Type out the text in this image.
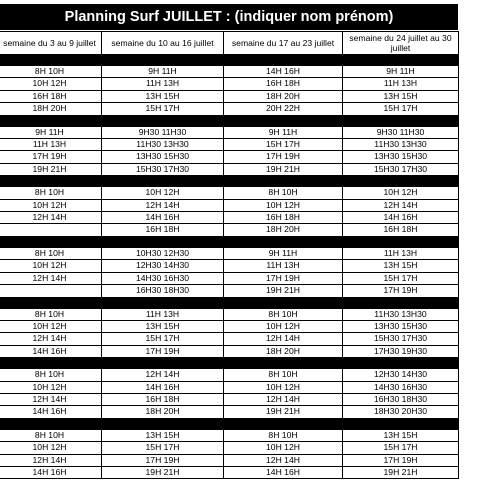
Planning Surf JUILLET : (indiquer nom prénom)
semaine du 3 au 9 juillet	semaine du 10 au 16 juillet	semaine du 17 au 23 juillet	semaine du 24 juillet au 30 juillet

8H 10H	9H 11H	14H 16H	9H 11H
10H 12H	11H 13H	16H 18H	11H 13H
16H 18H	13H 15H	18H 20H	13H 15H
18H 20H	15H 17H	20H 22H	15H 17H

9H 11H	9H30 11H30	9H 11H	9H30 11H30
11H 13H	11H30 13H30	15H 17H	11H30 13H30
17H 19H	13H30 15H30	17H 19H	13H30 15H30
19H 21H	15H30 17H30	19H 21H	15H30 17H30

8H 10H	10H 12H	8H 10H	10H 12H
10H 12H	12H 14H	10H 12H	12H 14H
12H 14H	14H 16H	16H 18H	14H 16H
	16H 18H	18H 20H	16H 18H

8H 10H	10H30 12H30	9H 11H	11H 13H
10H 12H	12H30 14H30	11H 13H	13H 15H
12H 14H	14H30 16H30	17H 19H	15H 17H
	16H30 18H30	19H 21H	17H 19H

8H 10H	11H 13H	8H 10H	11H30 13H30
10H 12H	13H 15H	10H 12H	13H30 15H30
12H 14H	15H 17H	12H 14H	15H30 17H30
14H 16H	17H 19H	18H 20H	17H30 19H30

8H 10H	12H 14H	8H 10H	12H30 14H30
10H 12H	14H 16H	10H 12H	14H30 16H30
12H 14H	16H 18H	12H 14H	16H30 18H30
14H 16H	18H 20H	19H 21H	18H30 20H30

8H 10H	13H 15H	8H 10H	13H 15H
10H 12H	15H 17H	10H 12H	15H 17H
12H 14H	17H 19H	12H 14H	17H 19H
14H 16H	19H 21H	14H 16H	19H 21H
